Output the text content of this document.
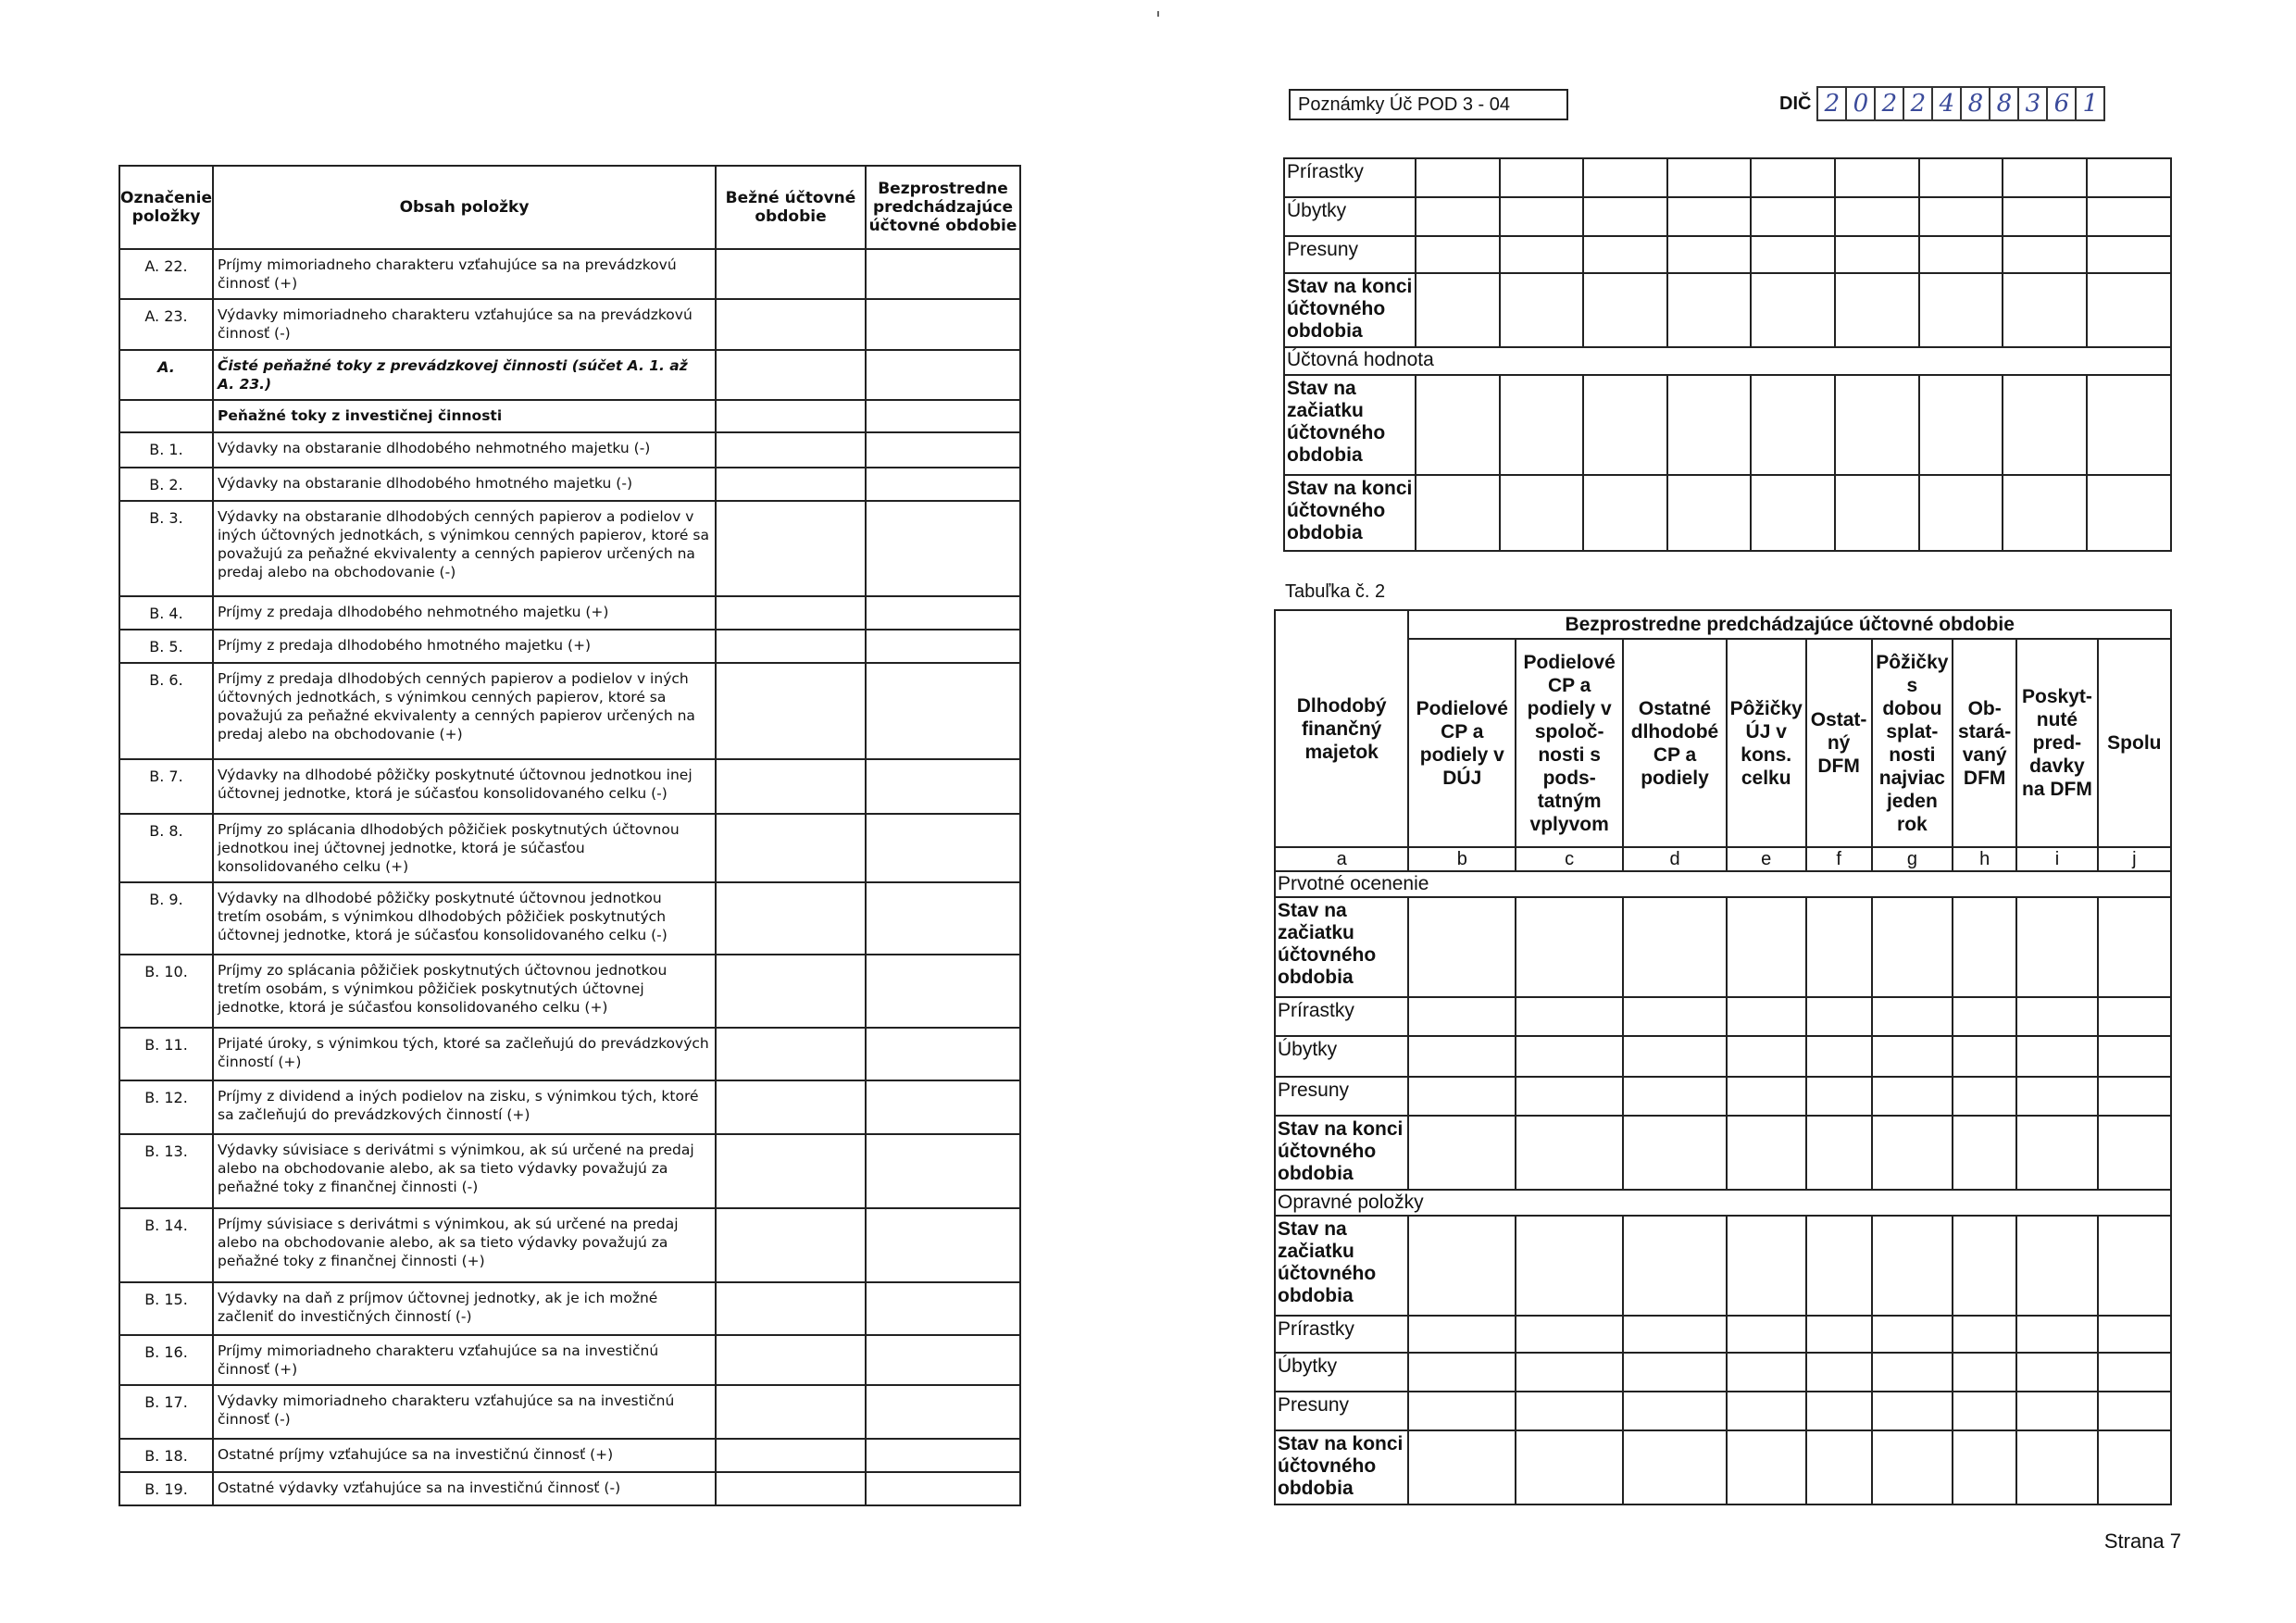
Označenie položky	Obsah položky	Bežné účtovné obdobie	Bezprostredne predchádzajúce účtovné obdobie
A. 22.	Príjmy mimoriadneho charakteru vzťahujúce sa na prevádzkovú činnosť (+)		
A. 23.	Výdavky mimoriadneho charakteru vzťahujúce sa na prevádzkovú činnosť (-)		
A.	Čisté peňažné toky z prevádzkovej činnosti (súčet A. 1. až A. 23.)		
	Peňažné toky z investičnej činnosti		
B. 1.	Výdavky na obstaranie dlhodobého nehmotného majetku (-)		
B. 2.	Výdavky na obstaranie dlhodobého hmotného majetku (-)		
B. 3.	Výdavky na obstaranie dlhodobých cenných papierov a podielov v iných účtovných jednotkách, s výnimkou cenných papierov, ktoré sa považujú za peňažné ekvivalenty a cenných papierov určených na predaj alebo na obchodovanie (-)		
B. 4.	Príjmy z predaja dlhodobého nehmotného majetku (+)		
B. 5.	Príjmy z predaja dlhodobého hmotného majetku (+)		
B. 6.	Príjmy z predaja dlhodobých cenných papierov a podielov v iných účtovných jednotkách, s výnimkou cenných papierov, ktoré sa považujú za peňažné ekvivalenty a cenných papierov určených na predaj alebo na obchodovanie (+)		
B. 7.	Výdavky na dlhodobé pôžičky poskytnuté účtovnou jednotkou inej účtovnej jednotke, ktorá je súčasťou konsolidovaného celku (-)		
B. 8.	Príjmy zo splácania dlhodobých pôžičiek poskytnutých účtovnou jednotkou inej účtovnej jednotke, ktorá je súčasťou konsolidovaného celku (+)		
B. 9.	Výdavky na dlhodobé pôžičky poskytnuté účtovnou jednotkou tretím osobám, s výnimkou dlhodobých pôžičiek poskytnutých účtovnej jednotke, ktorá je súčasťou konsolidovaného celku (-)		
B. 10.	Príjmy zo splácania pôžičiek poskytnutých účtovnou jednotkou tretím osobám, s výnimkou pôžičiek poskytnutých účtovnej jednotke, ktorá je súčasťou konsolidovaného celku (+)		
B. 11.	Prijaté úroky, s výnimkou tých, ktoré sa začleňujú do prevádzkových činností (+)		
B. 12.	Príjmy z dividend a iných podielov na zisku, s výnimkou tých, ktoré sa začleňujú do prevádzkových činností (+)		
B. 13.	Výdavky súvisiace s derivátmi s výnimkou, ak sú určené na predaj alebo na obchodovanie alebo, ak sa tieto výdavky považujú za peňažné toky z finančnej činnosti (-)		
B. 14.	Príjmy súvisiace s derivátmi s výnimkou, ak sú určené na predaj alebo na obchodovanie alebo, ak sa tieto výdavky považujú za peňažné toky z finančnej činnosti (+)		
B. 15.	Výdavky na daň z príjmov účtovnej jednotky, ak je ich možné začleniť do investičných činností (-)		
B. 16.	Príjmy mimoriadneho charakteru vzťahujúce sa na investičnú činnosť (+)		
B. 17.	Výdavky mimoriadneho charakteru vzťahujúce sa na investičnú činnosť (-)		
B. 18.	Ostatné príjmy vzťahujúce sa na investičnú činnosť (+)		
B. 19.	Ostatné výdavky vzťahujúce sa na investičnú činnosť (-)		
Poznámky Úč POD 3 - 04	DIČ 2 0 2 2 4 8 8 3 6 1
Prírastky									
Úbytky									
Presuny									
Stav na konci účtovného obdobia									
Účtovná hodnota									
Stav na začiatku účtovného obdobia									
Stav na konci účtovného obdobia									
Tabuľka č. 2
Dlhodobý finančný majetok	Bezprostredne predchádzajúce účtovné obdobie								
	Podielové CP a podiely v DÚJ	Podielové CP a podiely v spoloč- nosti s pods- tatným vplyvom	Ostatné dlhodobé CP a podiely	Pôžičky ÚJ v kons. celku	Ostat- ný DFM	Pôžičky s dobou splat- nosti najviac jeden rok	Ob- stará- vaný DFM	Poskyt- nuté pred- davky na DFM	Spolu
a	b	c	d	e	f	g	h	i	j
Prvotné ocenenie									
Stav na začiatku účtovného obdobia									
Prírastky									
Úbytky									
Presuny									
Stav na konci účtovného obdobia									
Opravné položky									
Stav na začiatku účtovného obdobia									
Prírastky									
Úbytky									
Presuny									
Stav na konci účtovného obdobia									
Strana 7
